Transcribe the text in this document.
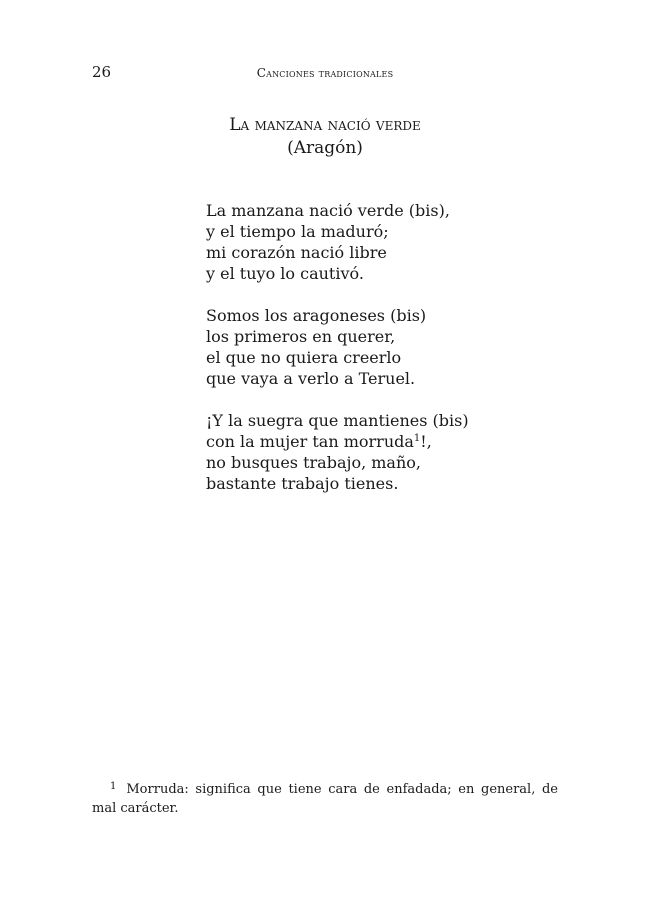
26	Canciones tradicionales
La manzana nació verde
(Aragón)
La manzana nació verde (bis),
y el tiempo la maduró;
mi corazón nació libre
y el tuyo lo cautivó.
Somos los aragoneses (bis)
los primeros en querer,
el que no quiera creerlo
que vaya a verlo a Teruel.
¡Y la suegra que mantienes (bis)
con la mujer tan morruda$^1$!,
no busques trabajo, maño,
bastante trabajo tienes.
1 Morruda: significa que tiene cara de enfadada; en general, de mal carácter.
